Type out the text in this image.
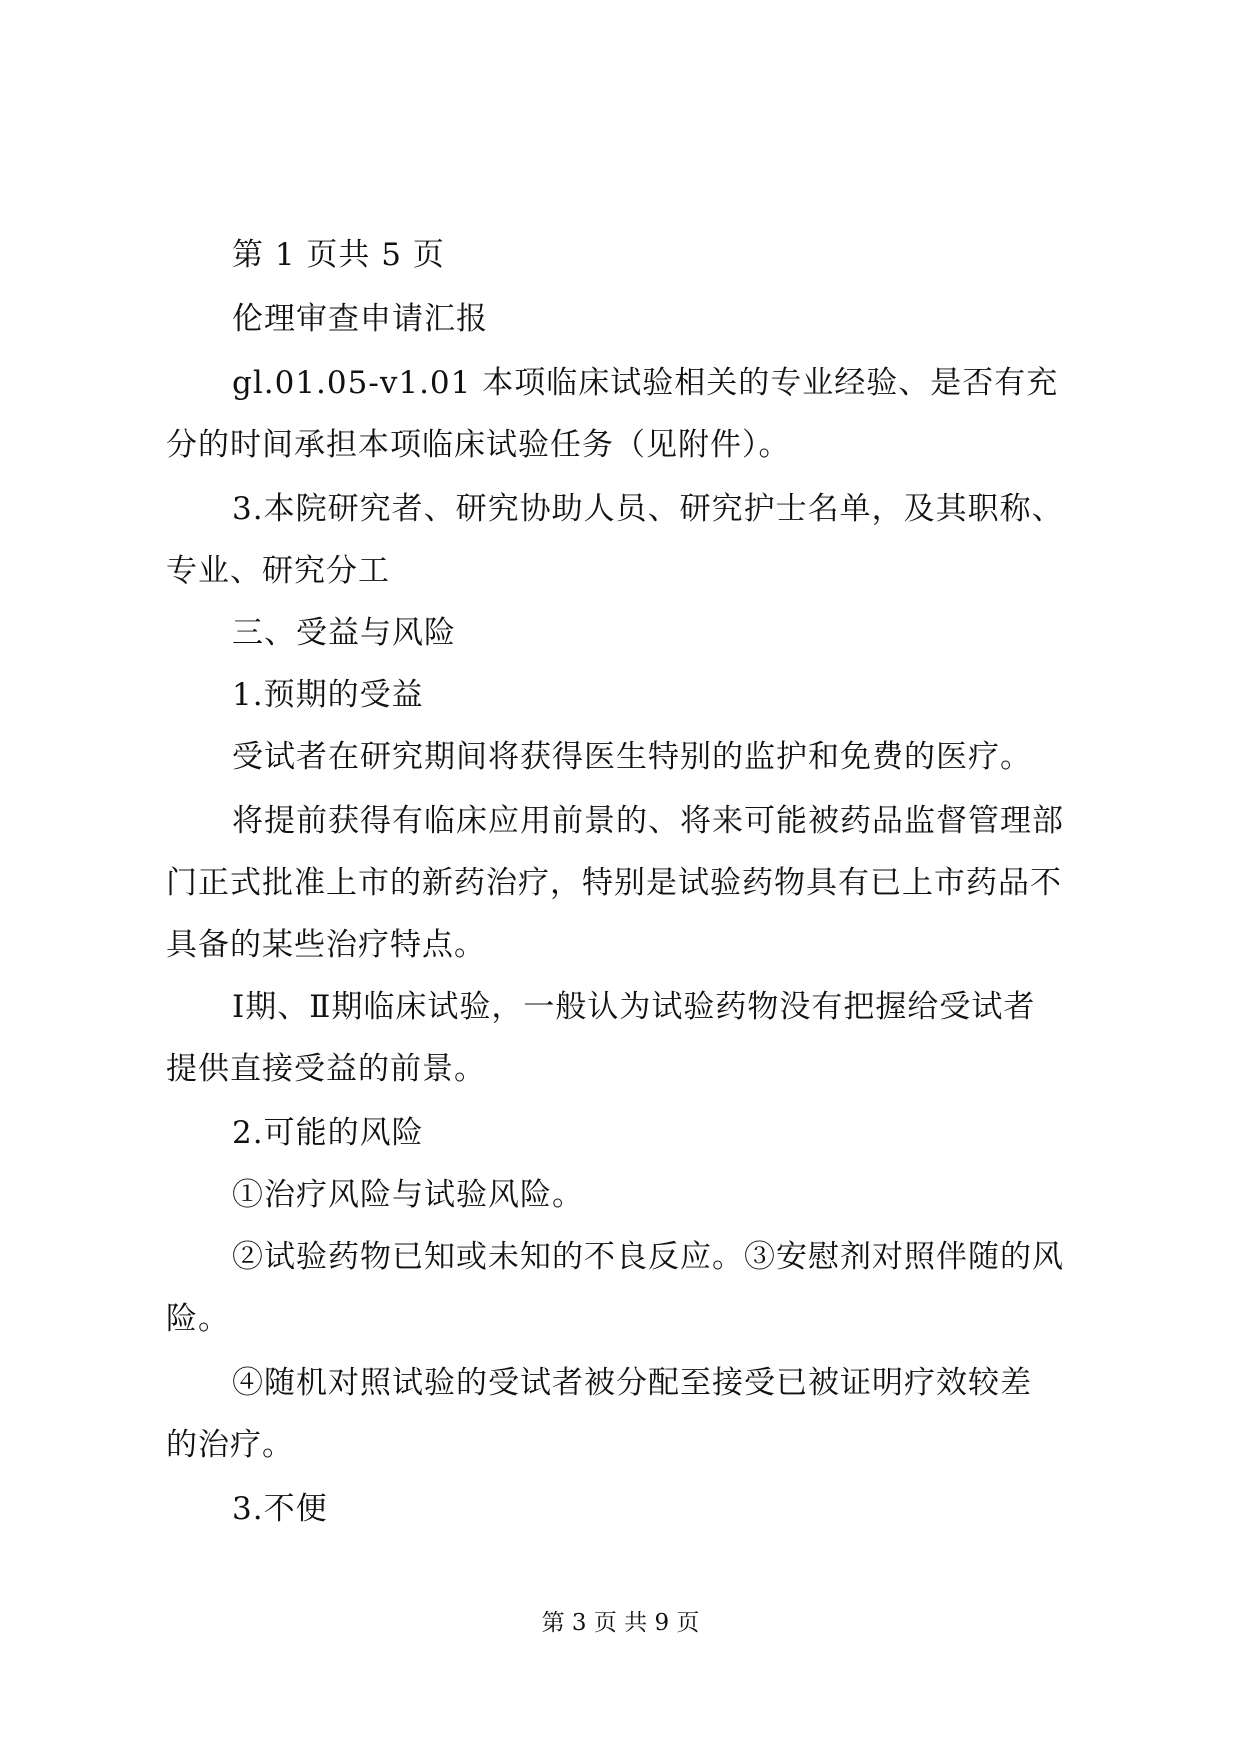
第 1 页共 5 页
伦理审查申请汇报
gl.01.05-v1.01 本项临床试验相关的专业经验、是否有充
分的时间承担本项临床试验任务（见附件）。
3.本院研究者、研究协助人员、研究护士名单，及其职称、
专业、研究分工
三、受益与风险
1.预期的受益
受试者在研究期间将获得医生特别的监护和免费的医疗。
将提前获得有临床应用前景的、将来可能被药品监督管理部
门正式批准上市的新药治疗，特别是试验药物具有已上市药品不
具备的某些治疗特点。
Ⅰ期、Ⅱ期临床试验，一般认为试验药物没有把握给受试者
提供直接受益的前景。
2.可能的风险
①治疗风险与试验风险。
②试验药物已知或未知的不良反应。③安慰剂对照伴随的风
险。
④随机对照试验的受试者被分配至接受已被证明疗效较差
的治疗。
3.不便
第 3 页 共 9 页
